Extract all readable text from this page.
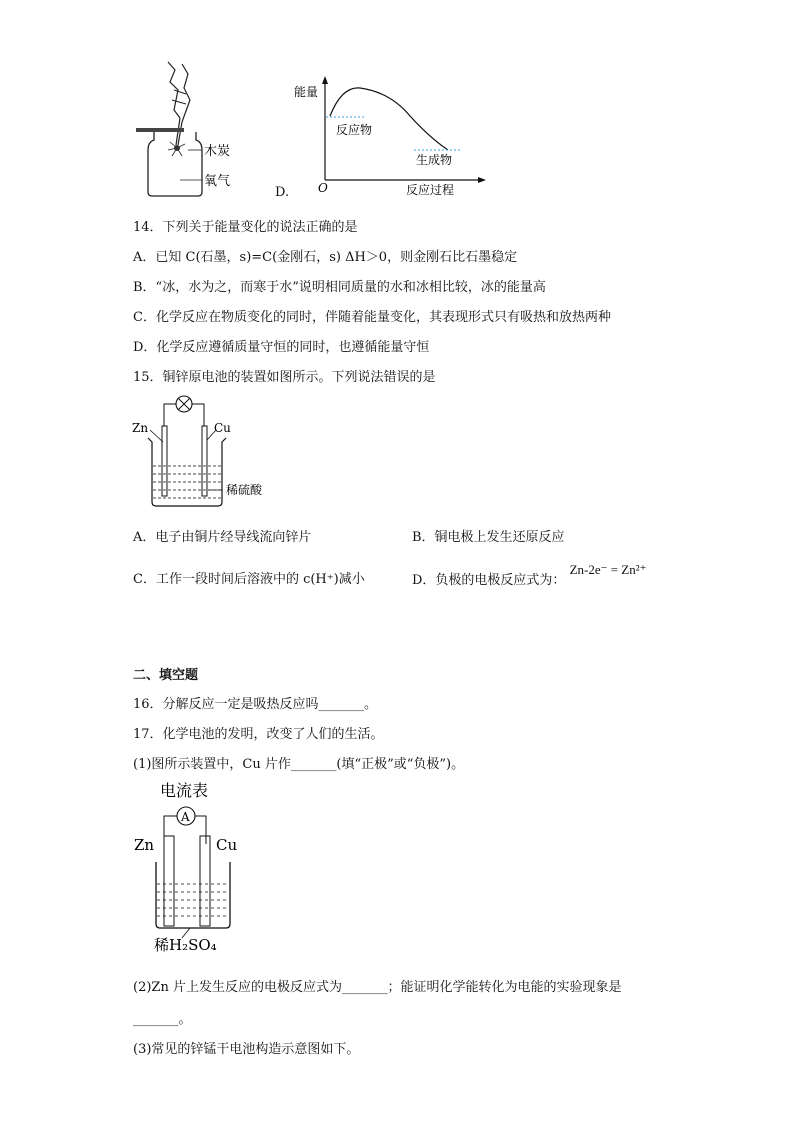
木炭
氧气
D.
能量
O	反应过程
反应物
生成物
14．下列关于能量变化的说法正确的是
A．已知 C(石墨，s)=C(金刚石，s) ΔH＞0，则金刚石比石墨稳定
B．“冰，水为之，而寒于水”说明相同质量的水和冰相比较，冰的能量高
C．化学反应在物质变化的同时，伴随着能量变化，其表现形式只有吸热和放热两种
D．化学反应遵循质量守恒的同时，也遵循能量守恒
15．铜锌原电池的装置如图所示。下列说法错误的是
Zn	Cu
稀硫酸
A．电子由铜片经导线流向锌片	B．铜电极上发生还原反应
C．工作一段时间后溶液中的 c(H⁺)减小	D．负极的电极反应式为： Zn-2e⁻ = Zn²⁺
二、填空题
16．分解反应一定是吸热反应吗_______。
17．化学电池的发明，改变了人们的生活。
(1)图所示装置中，Cu 片作_______(填“正极”或“负极”)。
电流表
A
Zn	Cu
稀H₂SO₄
(2)Zn 片上发生反应的电极反应式为_______；能证明化学能转化为电能的实验现象是
_______。
(3)常见的锌锰干电池构造示意图如下。
